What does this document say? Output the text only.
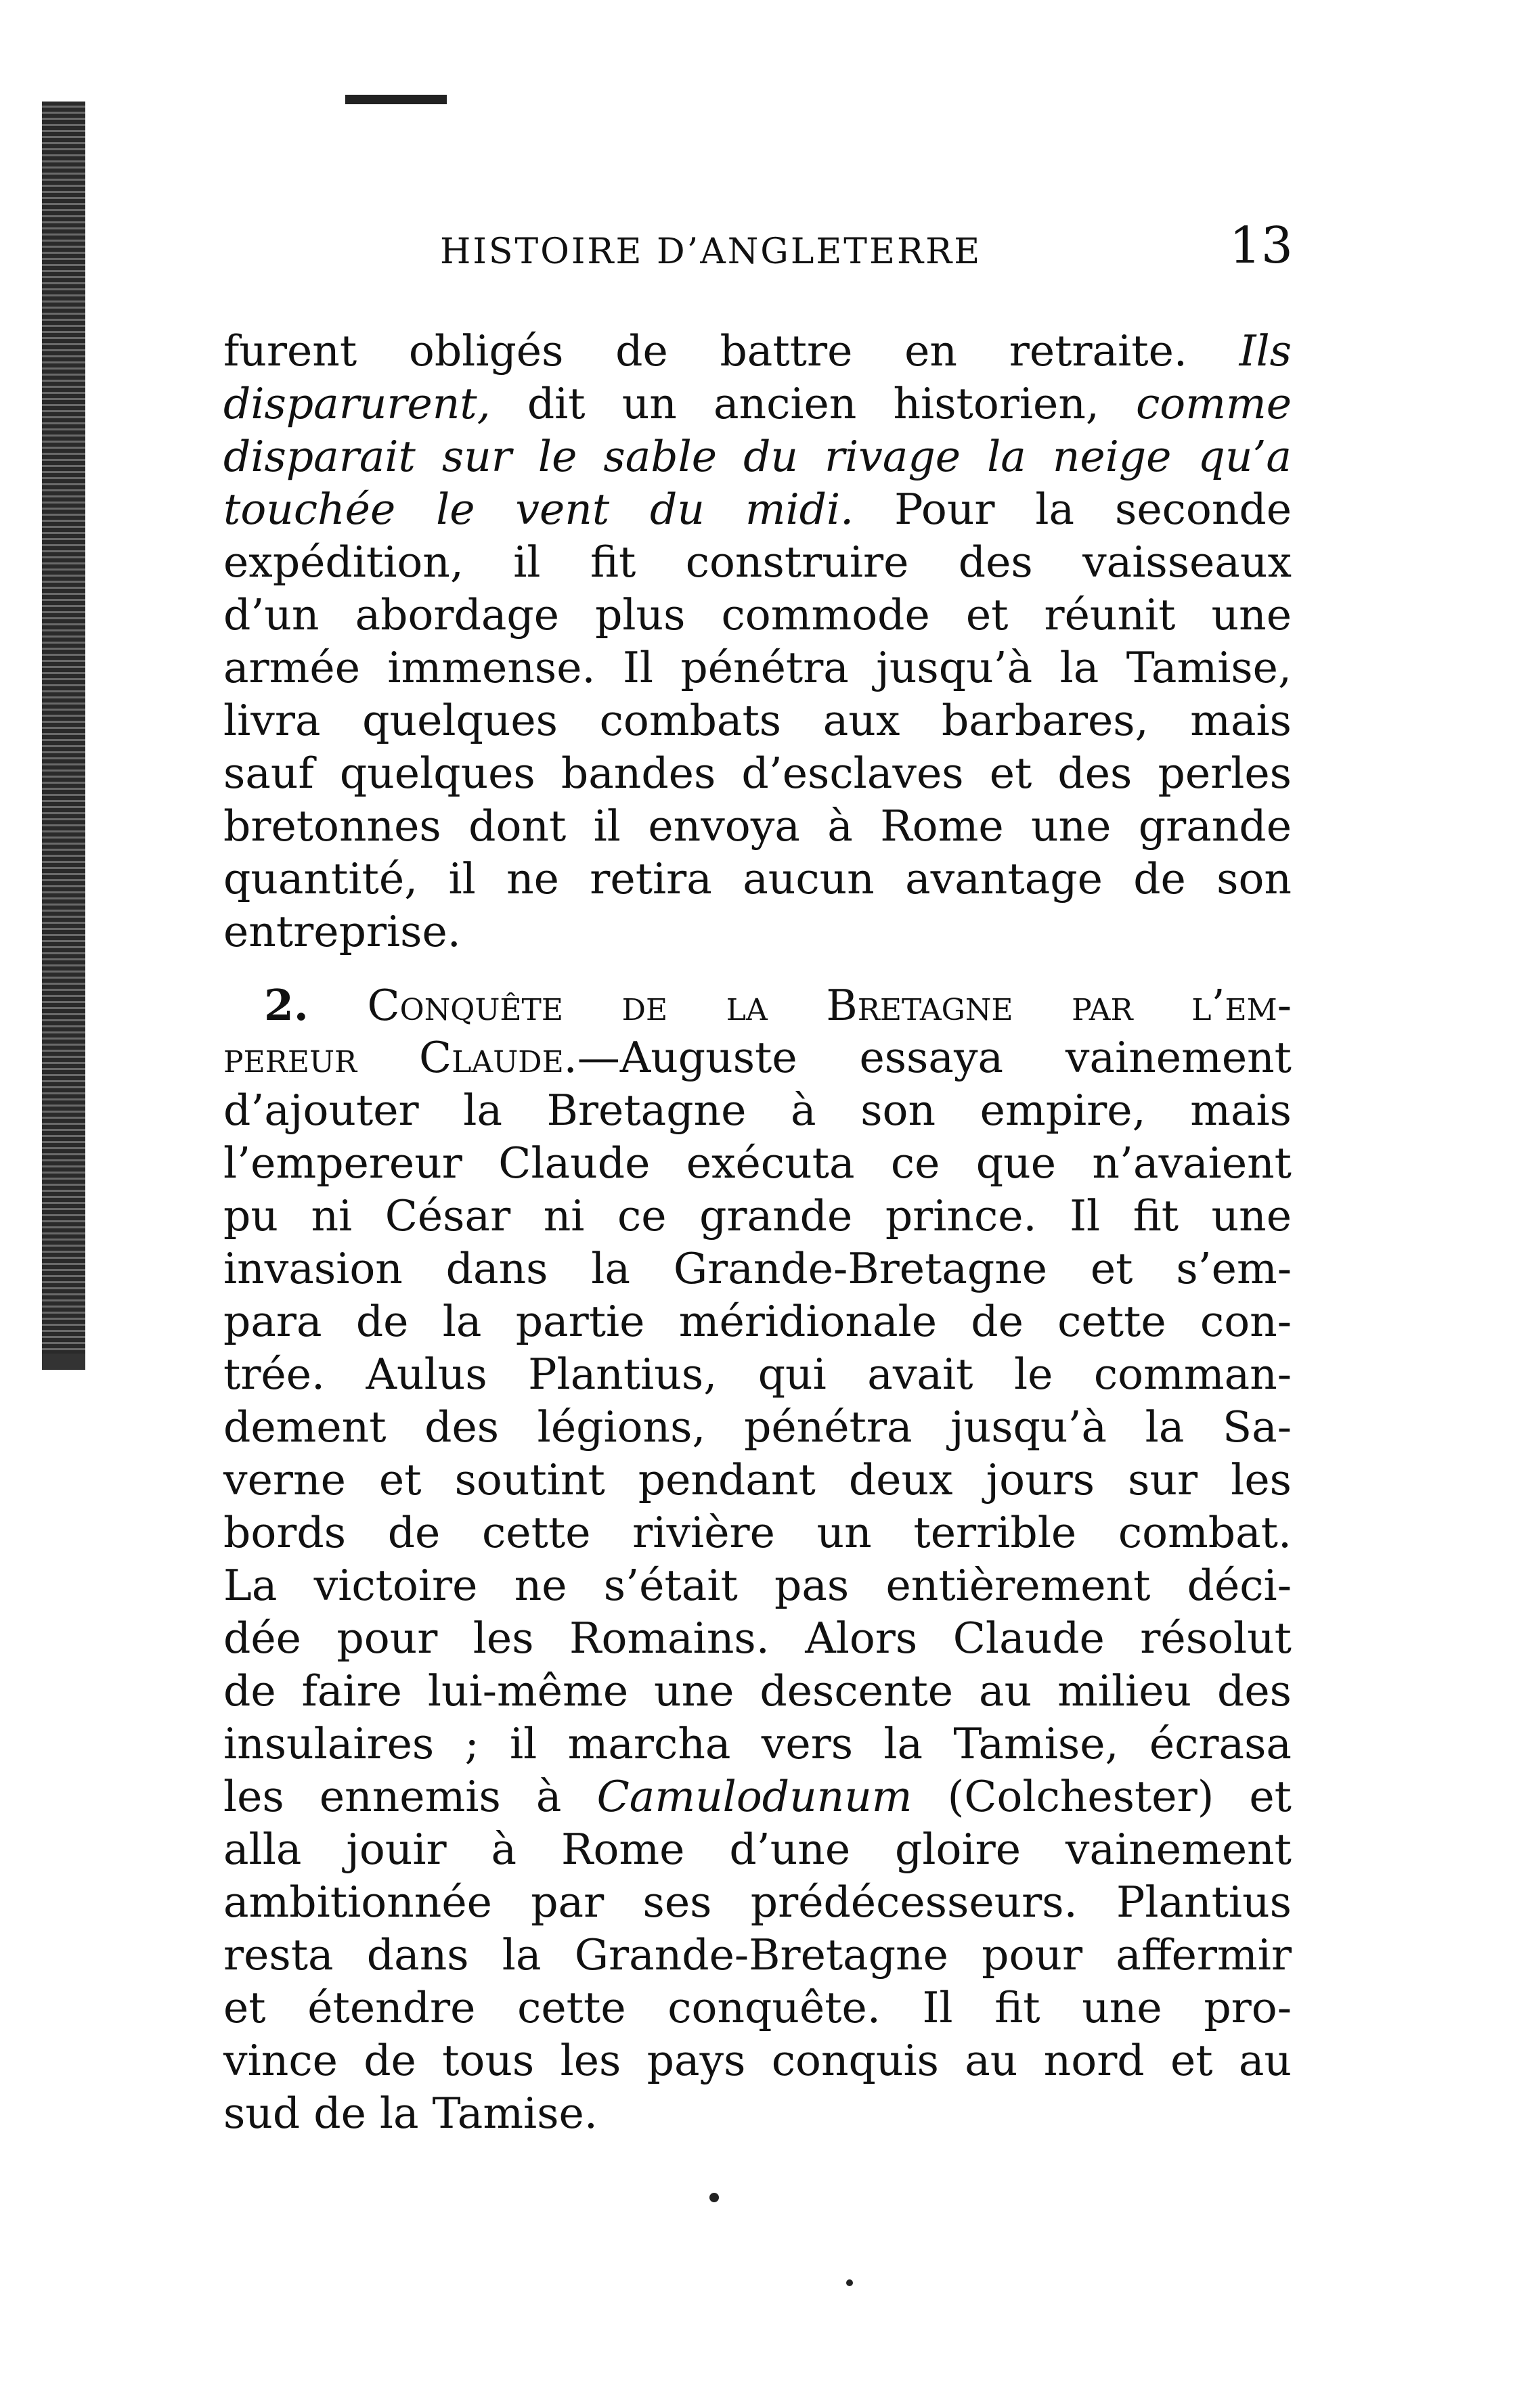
HISTOIRE D’ANGLETERRE	13
furent obligés de battre en retraite. Ils
disparurent, dit un ancien historien, comme
disparait sur le sable du rivage la neige qu’a
touchée le vent du midi. Pour la seconde
expédition, il fit construire des vaisseaux
d’un abordage plus commode et réunit une
armée immense. Il pénétra jusqu’à la Tamise,
livra quelques combats aux barbares, mais
sauf quelques bandes d’esclaves et des perles
bretonnes dont il envoya à Rome une grande
quantité, il ne retira aucun avantage de son
entreprise.
2. Conquête de la Bretagne par l’em-
pereur Claude.—Auguste essaya vainement
d’ajouter la Bretagne à son empire, mais
l’empereur Claude exécuta ce que n’avaient
pu ni César ni ce grande prince. Il fit une
invasion dans la Grande-Bretagne et s’em-
para de la partie méridionale de cette con-
trée. Aulus Plantius, qui avait le comman-
dement des légions, pénétra jusqu’à la Sa-
verne et soutint pendant deux jours sur les
bords de cette rivière un terrible combat.
La victoire ne s’était pas entièrement déci-
dée pour les Romains. Alors Claude résolut
de faire lui-même une descente au milieu des
insulaires ; il marcha vers la Tamise, écrasa
les ennemis à Camulodunum (Colchester) et
alla jouir à Rome d’une gloire vainement
ambitionnée par ses prédécesseurs. Plantius
resta dans la Grande-Bretagne pour affermir
et étendre cette conquête. Il fit une pro-
vince de tous les pays conquis au nord et au
sud de la Tamise.
